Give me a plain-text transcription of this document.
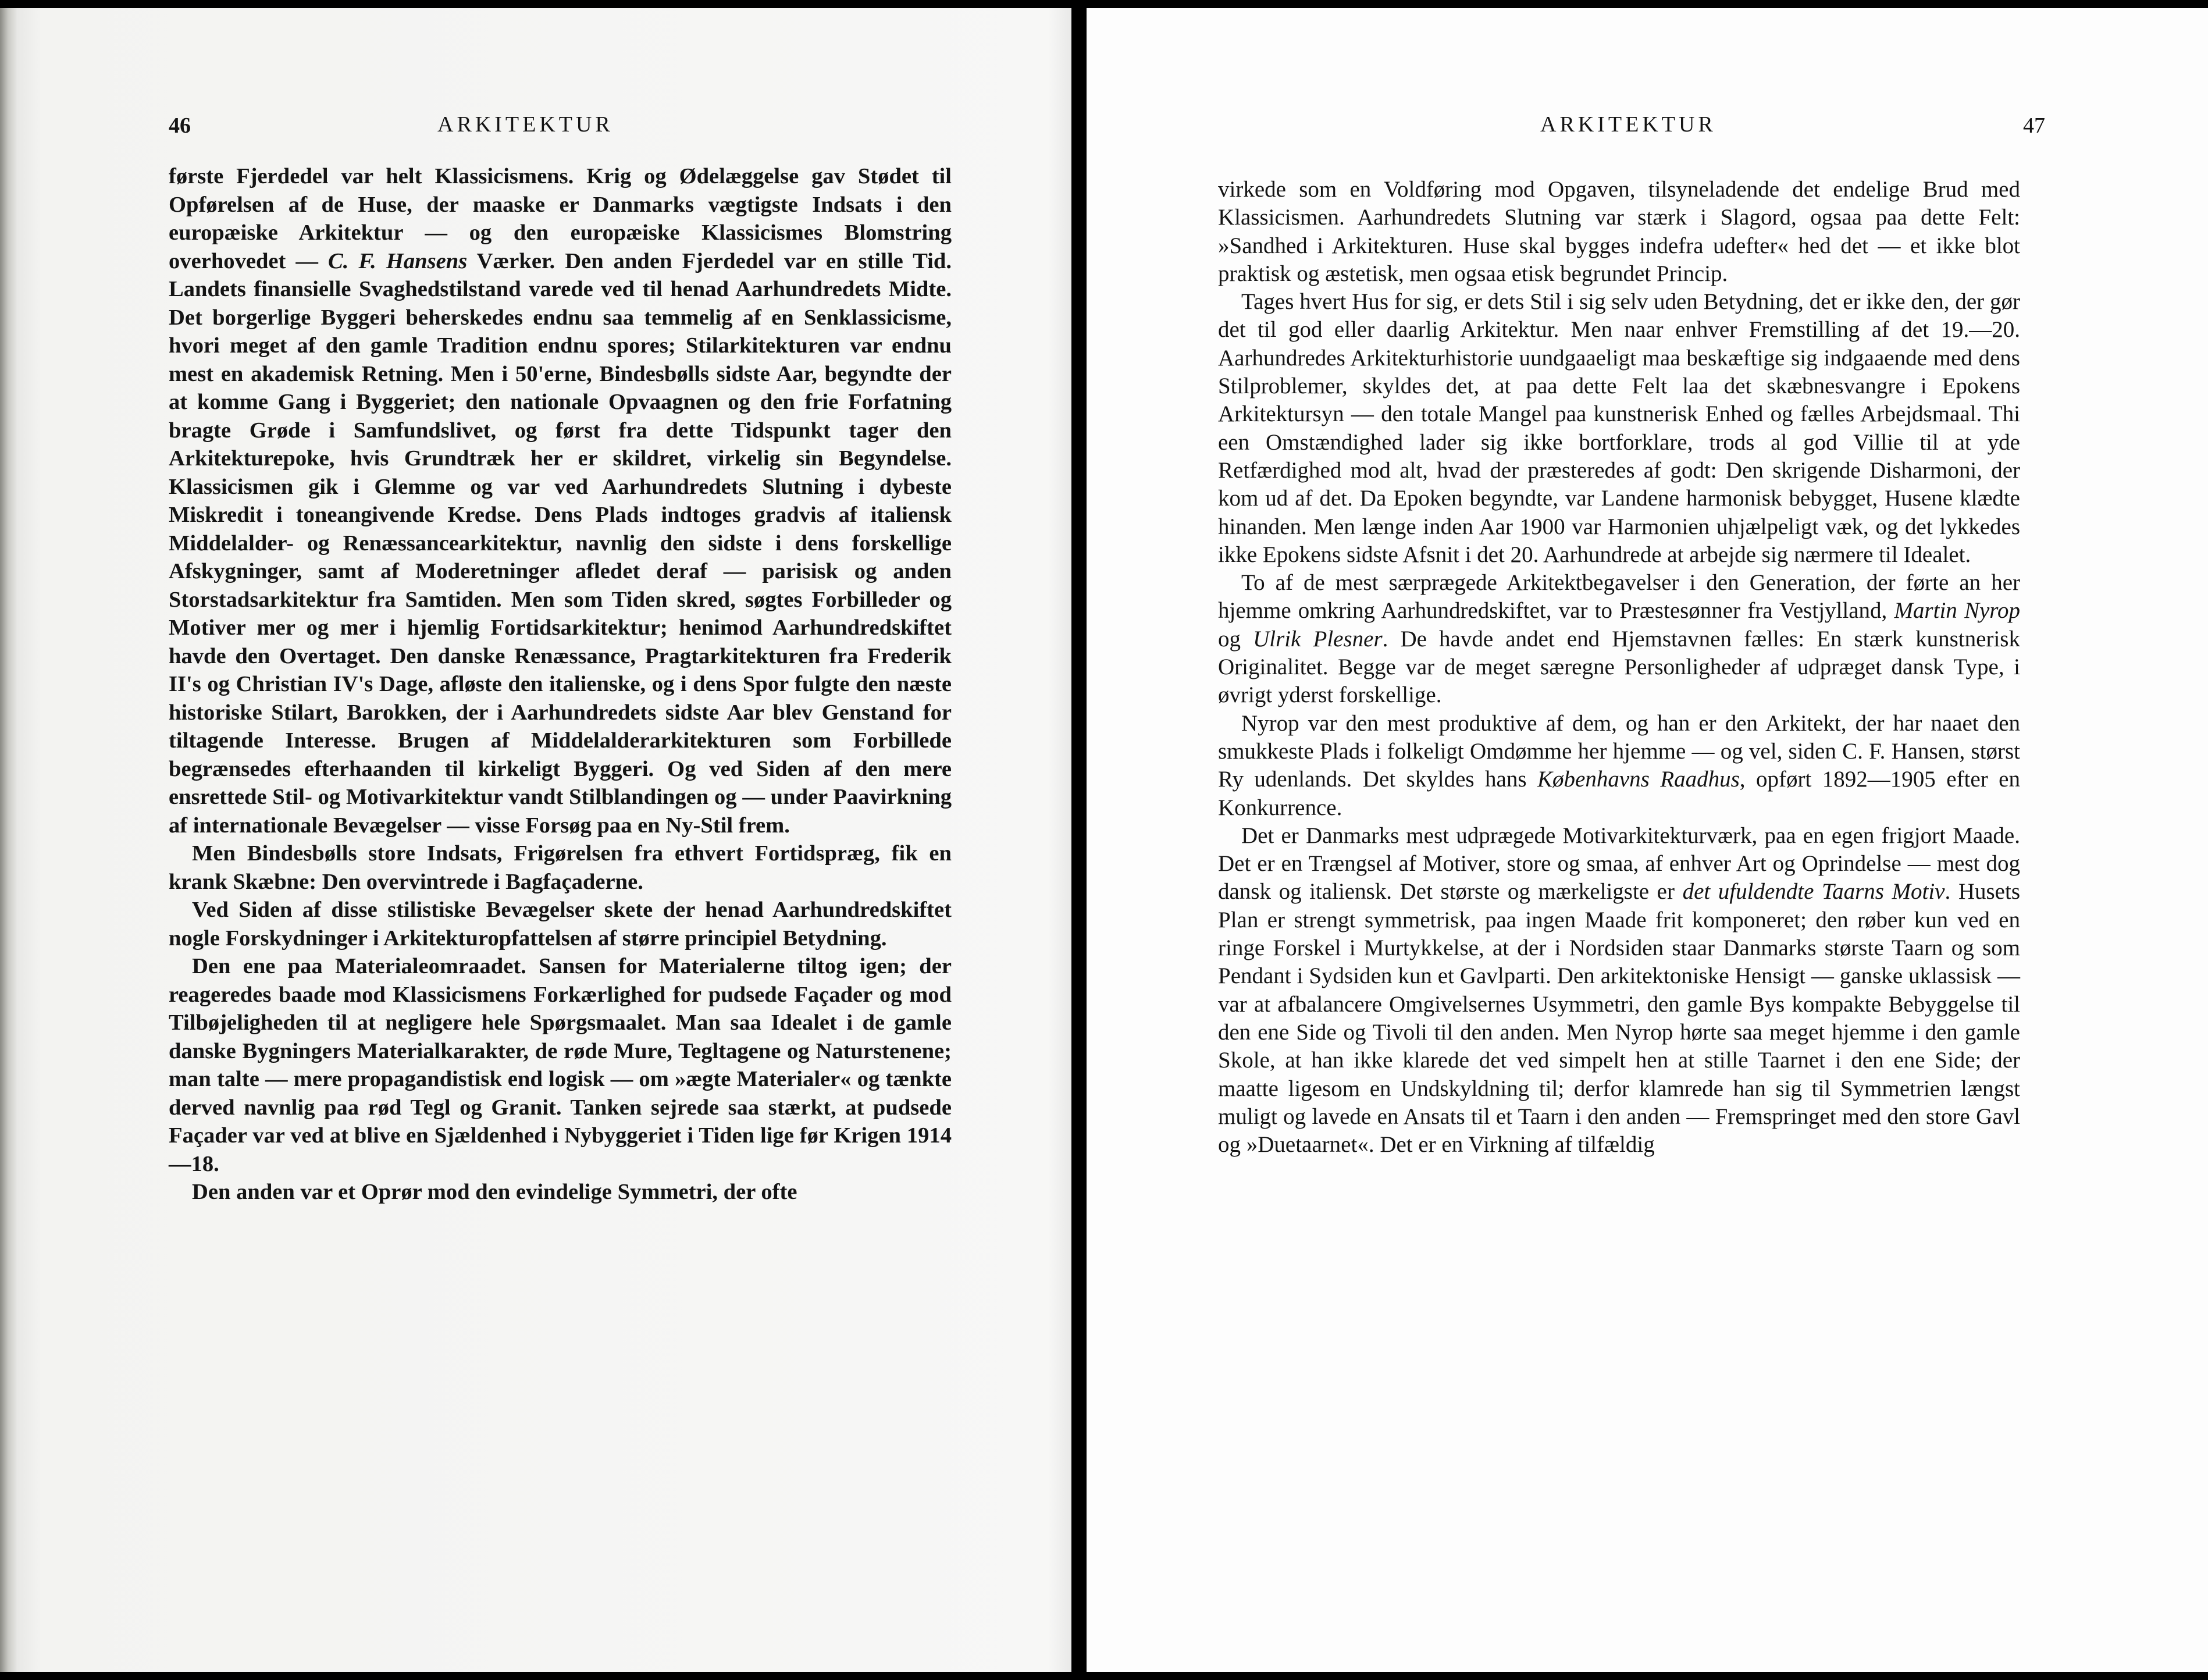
46	ARKITEKTUR

første Fjerdedel var helt Klassicismens. Krig og Ødelæggelse gav Stødet til Opførelsen af de Huse, der maaske er Danmarks vægtigste Indsats i den europæiske Arkitektur — og den europæiske Klassicismes Blomstring overhovedet — C. F. Hansens Værker. Den anden Fjerdedel var en stille Tid. Landets finansielle Svaghedstilstand varede ved til henad Aarhundredets Midte. Det borgerlige Byggeri beherskedes endnu saa temmelig af en Senklassicisme, hvori meget af den gamle Tradition endnu spores; Stilarkitekturen var endnu mest en akademisk Retning. Men i 50'erne, Bindesbølls sidste Aar, begyndte der at komme Gang i Byggeriet; den nationale Opvaagnen og den frie Forfatning bragte Grøde i Samfundslivet, og først fra dette Tidspunkt tager den Arkitekturepoke, hvis Grundtræk her er skildret, virkelig sin Begyndelse. Klassicismen gik i Glemme og var ved Aarhundredets Slutning i dybeste Miskredit i toneangivende Kredse. Dens Plads indtoges gradvis af italiensk Middelalder- og Renæssancearkitektur, navnlig den sidste i dens forskellige Afskygninger, samt af Moderetninger afledet deraf — parisisk og anden Storstadsarkitektur fra Samtiden. Men som Tiden skred, søgtes Forbilleder og Motiver mer og mer i hjemlig Fortidsarkitektur; henimod Aarhundredskiftet havde den Overtaget. Den danske Renæssance, Pragtarkitekturen fra Frederik II's og Christian IV's Dage, afløste den italienske, og i dens Spor fulgte den næste historiske Stilart, Barokken, der i Aarhundredets sidste Aar blev Genstand for tiltagende Interesse. Brugen af Middelalderarkitekturen som Forbillede begrænsedes efterhaanden til kirkeligt Byggeri. Og ved Siden af den mere ensrettede Stil- og Motivarkitektur vandt Stilblandingen og — under Paavirkning af internationale Bevægelser — visse Forsøg paa en Ny-Stil frem.

Men Bindesbølls store Indsats, Frigørelsen fra ethvert Fortidspræg, fik en krank Skæbne: Den overvintrede i Bagfaçaderne.

Ved Siden af disse stilistiske Bevægelser skete der henad Aarhundredskiftet nogle Forskydninger i Arkitekturopfattelsen af større principiel Betydning.

Den ene paa Materialeomraadet. Sansen for Materialerne tiltog igen; der reageredes baade mod Klassicismens Forkærlighed for pudsede Façader og mod Tilbøjeligheden til at negligere hele Spørgsmaalet. Man saa Idealet i de gamle danske Bygningers Materialkarakter, de røde Mure, Tegltagene og Naturstenene; man talte — mere propagandistisk end logisk — om »ægte Materialer« og tænkte derved navnlig paa rød Tegl og Granit. Tanken sejrede saa stærkt, at pudsede Façader var ved at blive en Sjældenhed i Nybyggeriet i Tiden lige før Krigen 1914—18.

Den anden var et Oprør mod den evindelige Symmetri, der ofte

ARKITEKTUR	47

virkede som en Voldføring mod Opgaven, tilsyneladende det endelige Brud med Klassicismen. Aarhundredets Slutning var stærk i Slagord, ogsaa paa dette Felt: »Sandhed i Arkitekturen. Huse skal bygges indefra udefter« hed det — et ikke blot praktisk og æstetisk, men ogsaa etisk begrundet Princip.

Tages hvert Hus for sig, er dets Stil i sig selv uden Betydning, det er ikke den, der gør det til god eller daarlig Arkitektur. Men naar enhver Fremstilling af det 19.—20. Aarhundredes Arkitekturhistorie uundgaaeligt maa beskæftige sig indgaaende med dens Stilproblemer, skyldes det, at paa dette Felt laa det skæbnesvangre i Epokens Arkitektursyn — den totale Mangel paa kunstnerisk Enhed og fælles Arbejdsmaal. Thi een Omstændighed lader sig ikke bortforklare, trods al god Villie til at yde Retfærdighed mod alt, hvad der præsteredes af godt: Den skrigende Disharmoni, der kom ud af det. Da Epoken begyndte, var Landene harmonisk bebygget, Husene klædte hinanden. Men længe inden Aar 1900 var Harmonien uhjælpeligt væk, og det lykkedes ikke Epokens sidste Afsnit i det 20. Aarhundrede at arbejde sig nærmere til Idealet.

To af de mest særprægede Arkitektbegavelser i den Generation, der førte an her hjemme omkring Aarhundredskiftet, var to Præstesønner fra Vestjylland, Martin Nyrop og Ulrik Plesner. De havde andet end Hjemstavnen fælles: En stærk kunstnerisk Originalitet. Begge var de meget særegne Personligheder af udpræget dansk Type, i øvrigt yderst forskellige.

Nyrop var den mest produktive af dem, og han er den Arkitekt, der har naaet den smukkeste Plads i folkeligt Omdømme her hjemme — og vel, siden C. F. Hansen, størst Ry udenlands. Det skyldes hans Københavns Raadhus, opført 1892—1905 efter en Konkurrence.

Det er Danmarks mest udprægede Motivarkitekturværk, paa en egen frigjort Maade. Det er en Trængsel af Motiver, store og smaa, af enhver Art og Oprindelse — mest dog dansk og italiensk. Det største og mærkeligste er det ufuldendte Taarns Motiv. Husets Plan er strengt symmetrisk, paa ingen Maade frit komponeret; den røber kun ved en ringe Forskel i Murtykkelse, at der i Nordsiden staar Danmarks største Taarn og som Pendant i Sydsiden kun et Gavlparti. Den arkitektoniske Hensigt — ganske uklassisk — var at afbalancere Omgivelsernes Usymmetri, den gamle Bys kompakte Bebyggelse til den ene Side og Tivoli til den anden. Men Nyrop hørte saa meget hjemme i den gamle Skole, at han ikke klarede det ved simpelt hen at stille Taarnet i den ene Side; der maatte ligesom en Undskyldning til; derfor klamrede han sig til Symmetrien længst muligt og lavede en Ansats til et Taarn i den anden — Fremspringet med den store Gavl og »Duetaarnet«. Det er en Virkning af tilfældig
